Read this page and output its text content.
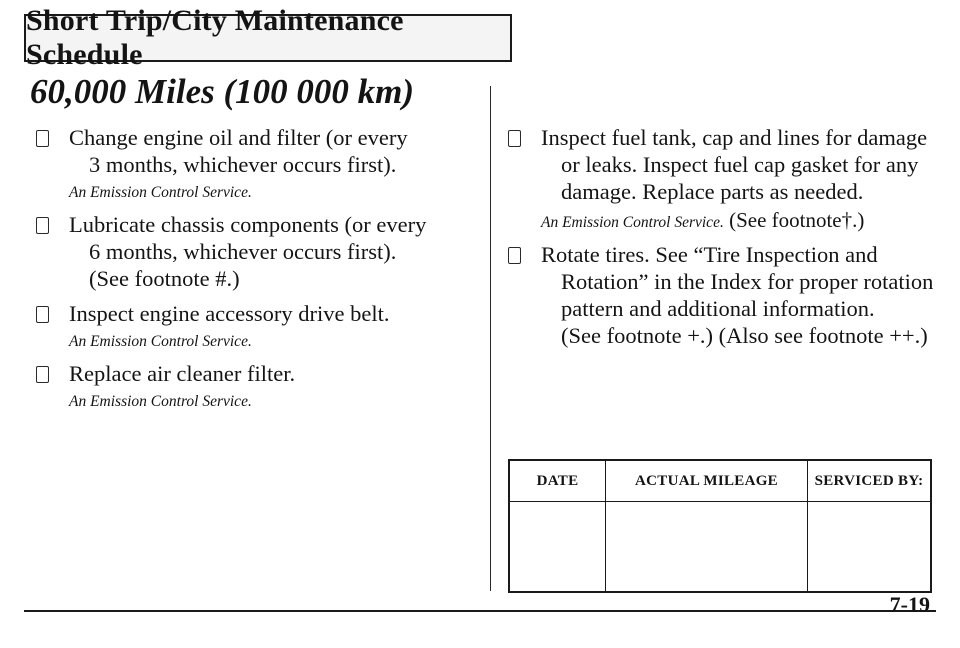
Short Trip/City Maintenance Schedule
60,000 Miles (100 000 km)
Change engine oil and filter (or every
3 months, whichever occurs first).
An Emission Control Service.
Lubricate chassis components (or every
6 months, whichever occurs first).
(See footnote #.)
Inspect engine accessory drive belt.
An Emission Control Service.
Replace air cleaner filter.
An Emission Control Service.
Inspect fuel tank, cap and lines for damage
or leaks. Inspect fuel cap gasket for any
damage. Replace parts as needed.
An Emission Control Service. (See footnote†.)
Rotate tires. See “Tire Inspection and
Rotation” in the Index for proper rotation
pattern and additional information.
(See footnote +.) (Also see footnote ++.)
DATE	ACTUAL MILEAGE	SERVICED BY:

7-19
